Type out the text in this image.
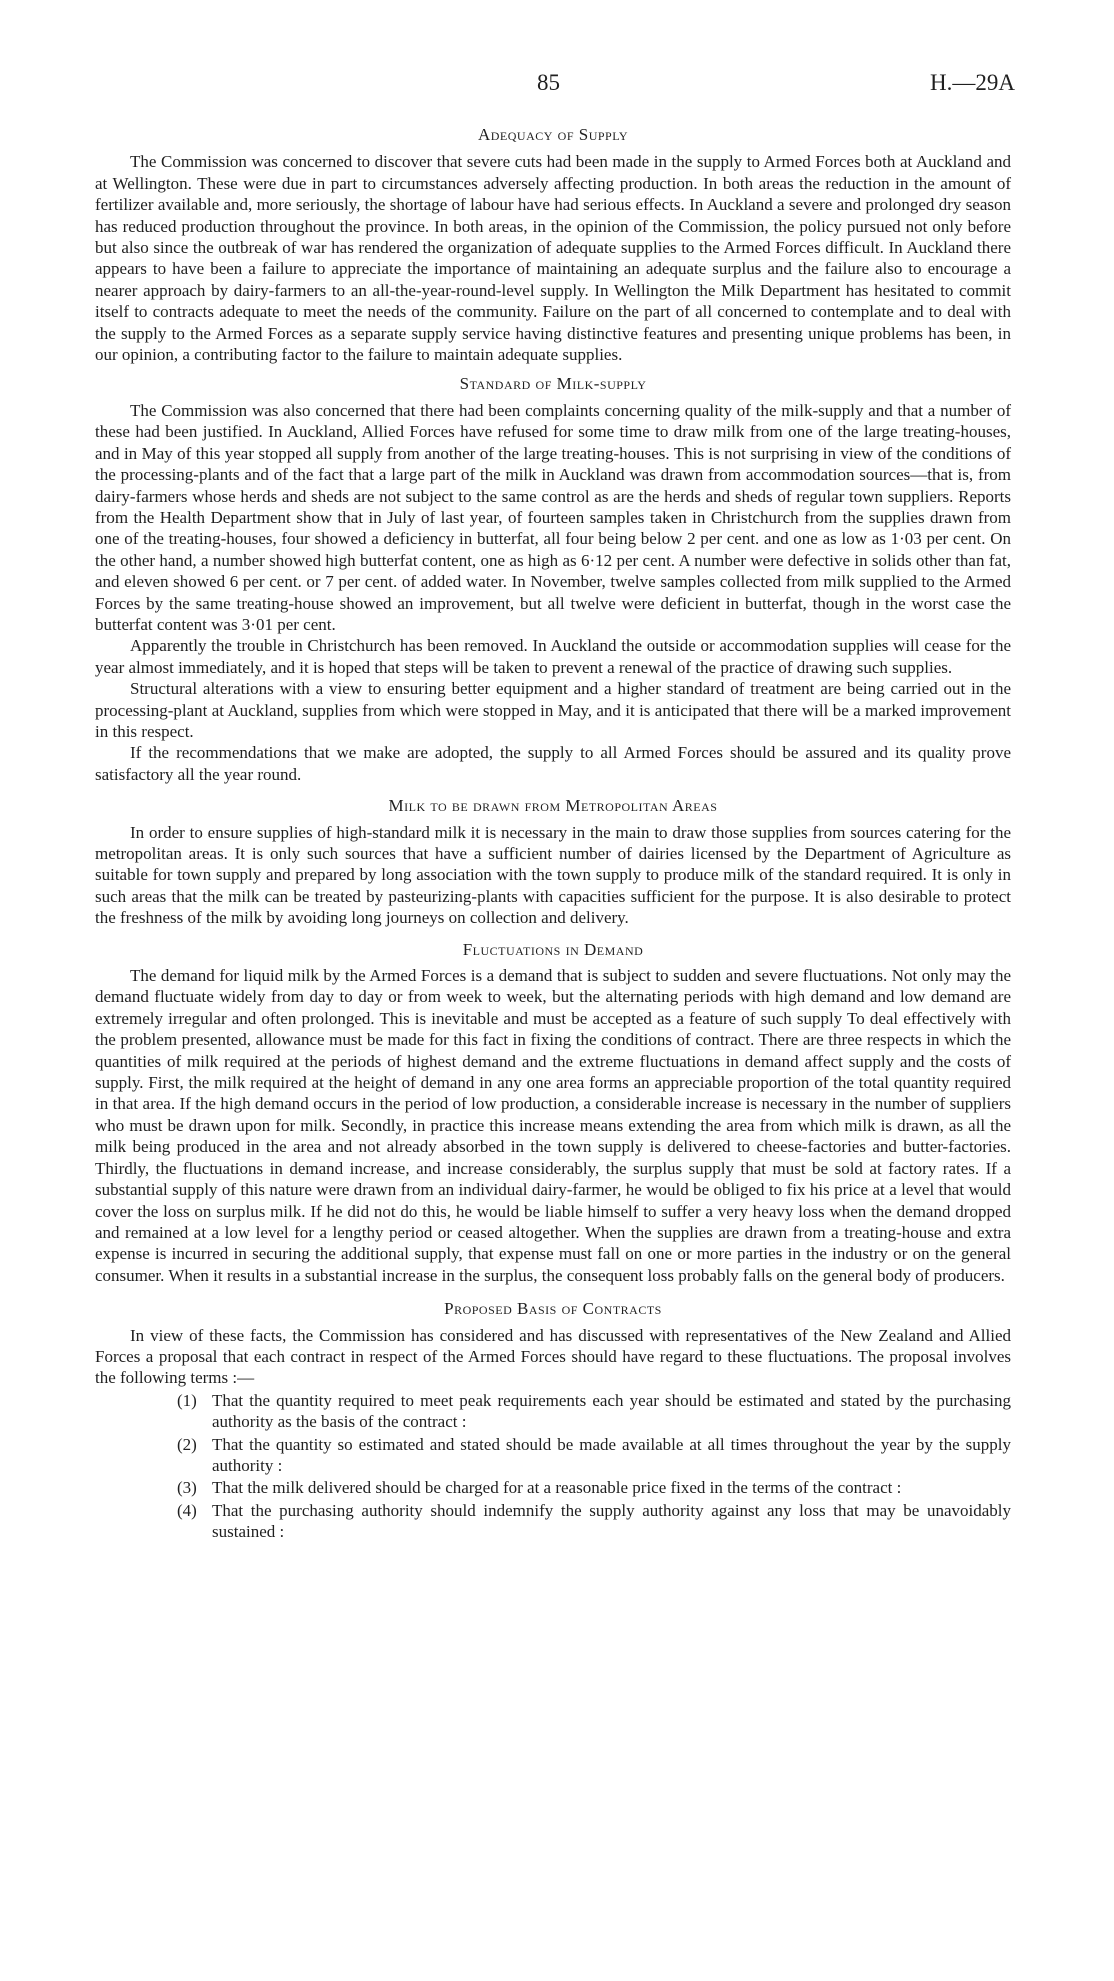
85	H.—29A
Adequacy of Supply

The Commission was concerned to discover that severe cuts had been made in the supply to Armed Forces both at Auckland and at Wellington. These were due in part to circumstances adversely affecting production. In both areas the reduction in the amount of fertilizer available and, more seriously, the shortage of labour have had serious effects. In Auckland a severe and prolonged dry season has reduced production throughout the province. In both areas, in the opinion of the Commission, the policy pursued not only before but also since the outbreak of war has rendered the organization of adequate supplies to the Armed Forces difficult. In Auckland there appears to have been a failure to appreciate the importance of maintaining an adequate surplus and the failure also to encourage a nearer approach by dairy-farmers to an all-the-year-round-level supply. In Wellington the Milk Department has hesitated to commit itself to contracts adequate to meet the needs of the community. Failure on the part of all concerned to contemplate and to deal with the supply to the Armed Forces as a separate supply service having distinctive features and presenting unique problems has been, in our opinion, a contributing factor to the failure to maintain adequate supplies.

Standard of Milk-supply

The Commission was also concerned that there had been complaints concerning quality of the milk-supply and that a number of these had been justified. In Auckland, Allied Forces have refused for some time to draw milk from one of the large treating-houses, and in May of this year stopped all supply from another of the large treating-houses. This is not surprising in view of the conditions of the processing-plants and of the fact that a large part of the milk in Auckland was drawn from accommodation sources—that is, from dairy-farmers whose herds and sheds are not subject to the same control as are the herds and sheds of regular town suppliers. Reports from the Health Department show that in July of last year, of fourteen samples taken in Christchurch from the supplies drawn from one of the treating-houses, four showed a deficiency in butterfat, all four being below 2 per cent. and one as low as 1·03 per cent. On the other hand, a number showed high butterfat content, one as high as 6·12 per cent. A number were defective in solids other than fat, and eleven showed 6 per cent. or 7 per cent. of added water. In November, twelve samples collected from milk supplied to the Armed Forces by the same treating-house showed an improvement, but all twelve were deficient in butterfat, though in the worst case the butterfat content was 3·01 per cent.

Apparently the trouble in Christchurch has been removed. In Auckland the outside or accommodation supplies will cease for the year almost immediately, and it is hoped that steps will be taken to prevent a renewal of the practice of drawing such supplies.

Structural alterations with a view to ensuring better equipment and a higher standard of treatment are being carried out in the processing-plant at Auckland, supplies from which were stopped in May, and it is anticipated that there will be a marked improvement in this respect.

If the recommendations that we make are adopted, the supply to all Armed Forces should be assured and its quality prove satisfactory all the year round.

Milk to be drawn from Metropolitan Areas

In order to ensure supplies of high-standard milk it is necessary in the main to draw those supplies from sources catering for the metropolitan areas. It is only such sources that have a sufficient number of dairies licensed by the Department of Agriculture as suitable for town supply and prepared by long association with the town supply to produce milk of the standard required. It is only in such areas that the milk can be treated by pasteurizing-plants with capacities sufficient for the purpose. It is also desirable to protect the freshness of the milk by avoiding long journeys on collection and delivery.

Fluctuations in Demand

The demand for liquid milk by the Armed Forces is a demand that is subject to sudden and severe fluctuations. Not only may the demand fluctuate widely from day to day or from week to week, but the alternating periods with high demand and low demand are extremely irregular and often prolonged. This is inevitable and must be accepted as a feature of such supply To deal effectively with the problem presented, allowance must be made for this fact in fixing the conditions of contract. There are three respects in which the quantities of milk required at the periods of highest demand and the extreme fluctuations in demand affect supply and the costs of supply. First, the milk required at the height of demand in any one area forms an appreciable proportion of the total quantity required in that area. If the high demand occurs in the period of low production, a considerable increase is necessary in the number of suppliers who must be drawn upon for milk. Secondly, in practice this increase means extending the area from which milk is drawn, as all the milk being produced in the area and not already absorbed in the town supply is delivered to cheese-factories and butter-factories. Thirdly, the fluctuations in demand increase, and increase considerably, the surplus supply that must be sold at factory rates. If a substantial supply of this nature were drawn from an individual dairy-farmer, he would be obliged to fix his price at a level that would cover the loss on surplus milk. If he did not do this, he would be liable himself to suffer a very heavy loss when the demand dropped and remained at a low level for a lengthy period or ceased altogether. When the supplies are drawn from a treating-house and extra expense is incurred in securing the additional supply, that expense must fall on one or more parties in the industry or on the general consumer. When it results in a substantial increase in the surplus, the consequent loss probably falls on the general body of producers.

Proposed Basis of Contracts

In view of these facts, the Commission has considered and has discussed with representatives of the New Zealand and Allied Forces a proposal that each contract in respect of the Armed Forces should have regard to these fluctuations. The proposal involves the following terms :—

(1) That the quantity required to meet peak requirements each year should be estimated and stated by the purchasing authority as the basis of the contract :
(2) That the quantity so estimated and stated should be made available at all times throughout the year by the supply authority :
(3) That the milk delivered should be charged for at a reasonable price fixed in the terms of the contract :
(4) That the purchasing authority should indemnify the supply authority against any loss that may be unavoidably sustained :
